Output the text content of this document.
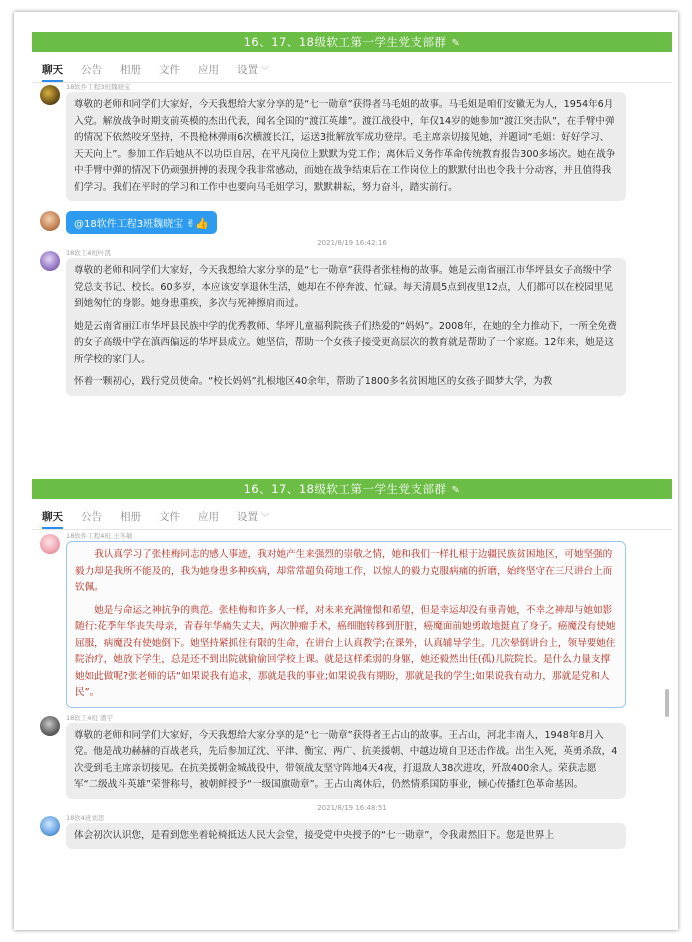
16、17、18级软工第一学生党支部群 ✎
聊天 公告 相册 文件 应用 设置 ﹀
18软件工程3班魏晓宝

尊敬的老师和同学们大家好，今天我想给大家分享的是“七一勋章”获得者马毛姐的故事。马毛姐是咱们安徽无为人，1954年6月入党。解放战争时期支前英模的杰出代表，闻名全国的“渡江英雄”。渡江战役中，年仅14岁的她参加“渡江突击队”，在手臂中弹的情况下依然咬牙坚持，不畏枪林弹雨6次横渡长江，运送3批解放军成功登岸。毛主席亲切接见她，并题词“毛姐：好好学习、天天向上”。参加工作后她从不以功臣自居，在平凡岗位上默默为党工作；离休后义务作革命传统教育报告300多场次。她在战争中手臂中弹的情况下仍顽强拼搏的表现令我非常感动，而她在战争结束后在工作岗位上的默默付出也令我十分动容，并且值得我们学习。我们在平时的学习和工作中也要向马毛姐学习，默默耕耘，努力奋斗，踏实前行。

@18软件工程3班魏晓宝 ✌👍
2021/8/19 16:42:16
18软工4班叶凯

尊敬的老师和同学们大家好，今天我想给大家分享的是“七一勋章”获得者张桂梅的故事。她是云南省丽江市华坪县女子高级中学党总支书记、校长。60多岁，本应该安享退休生活，她却在不停奔波、忙碌。每天清晨5点到夜里12点，人们都可以在校园里见到她匆忙的身影。她身患重疾，多次与死神擦肩而过。

她是云南省丽江市华坪县民族中学的优秀教师、华坪儿童福利院孩子们热爱的“妈妈”。2008年，在她的全力推动下，一所全免费的女子高级中学在滇西偏远的华坪县成立。她坚信，帮助一个女孩子接受更高层次的教育就是帮助了一个家庭。12年来，她是这所学校的家门人。

怀着一颗初心，践行党员使命。“校长妈妈”扎根地区40余年，帮助了1800多名贫困地区的女孩子圆梦大学，为教

16、17、18级软工第一学生党支部群 ✎
聊天 公告 相册 文件 应用 设置 ﹀
18软件工程4班 王冬敏

我认真学习了张桂梅同志的感人事迹，我对她产生来强烈的崇敬之情，她和我们一样扎根于边疆民族贫困地区，可她坚强的毅力却是我所不能及的，我为她身患多种疾病，却常常超负荷地工作，以惊人的毅力克服病痛的折磨，始终坚守在三尺讲台上而钦佩。

她是与命运之神抗争的典范。张桂梅和许多人一样，对未来充满憧憬和希望，但是幸运却没有垂青她，不幸之神却与她如影随行:花季年华丧失母亲，青春年华痛失丈夫，两次肿瘤手术，癌细胞转移到肝脏，癌魔面前她勇敢地挺直了身子。癌魔没有使她屈服，病魔没有使她倒下。她坚持紧抓住有限的生命，在讲台上认真教学;在课外，认真辅导学生。几次晕倒讲台上，领导要她住院治疗，她放下学生，总是还不到出院就偷偷回学校上课。就是这样柔弱的身躯，她还毅然出任(孤)儿院院长。是什么力量支撑她如此做呢?张老师的话“如果说我有追求，那就是我的事业;如果说我有期盼，那就是我的学生;如果说我有动力，那就是党和人民”。

18软工4班 潘宇

尊敬的老师和同学们大家好，今天我想给大家分享的是“七一勋章”获得者王占山的故事。王占山，河北丰南人，1948年8月入党。他是战功赫赫的百战老兵，先后参加辽沈、平津、衡宝、两广、抗美援朝、中越边境自卫还击作战。出生入死，英勇杀敌，4次受到毛主席亲切接见。在抗美援朝金城战役中，带领战友坚守阵地4天4夜，打退敌人38次进攻，歼敌400余人。荣获志愿军“二级战斗英雄”荣誉称号，被朝鲜授予“一级国旗勋章”。王占山离休后，仍然情系国防事业，倾心传播红色革命基因。

2021/8/19 16:48:51
18软4班刘思

体会初次认识您，是看到您坐着轮椅抵达人民大会堂，接受党中央授予的“七一勋章”，令我肃然旧下。您是世界上
